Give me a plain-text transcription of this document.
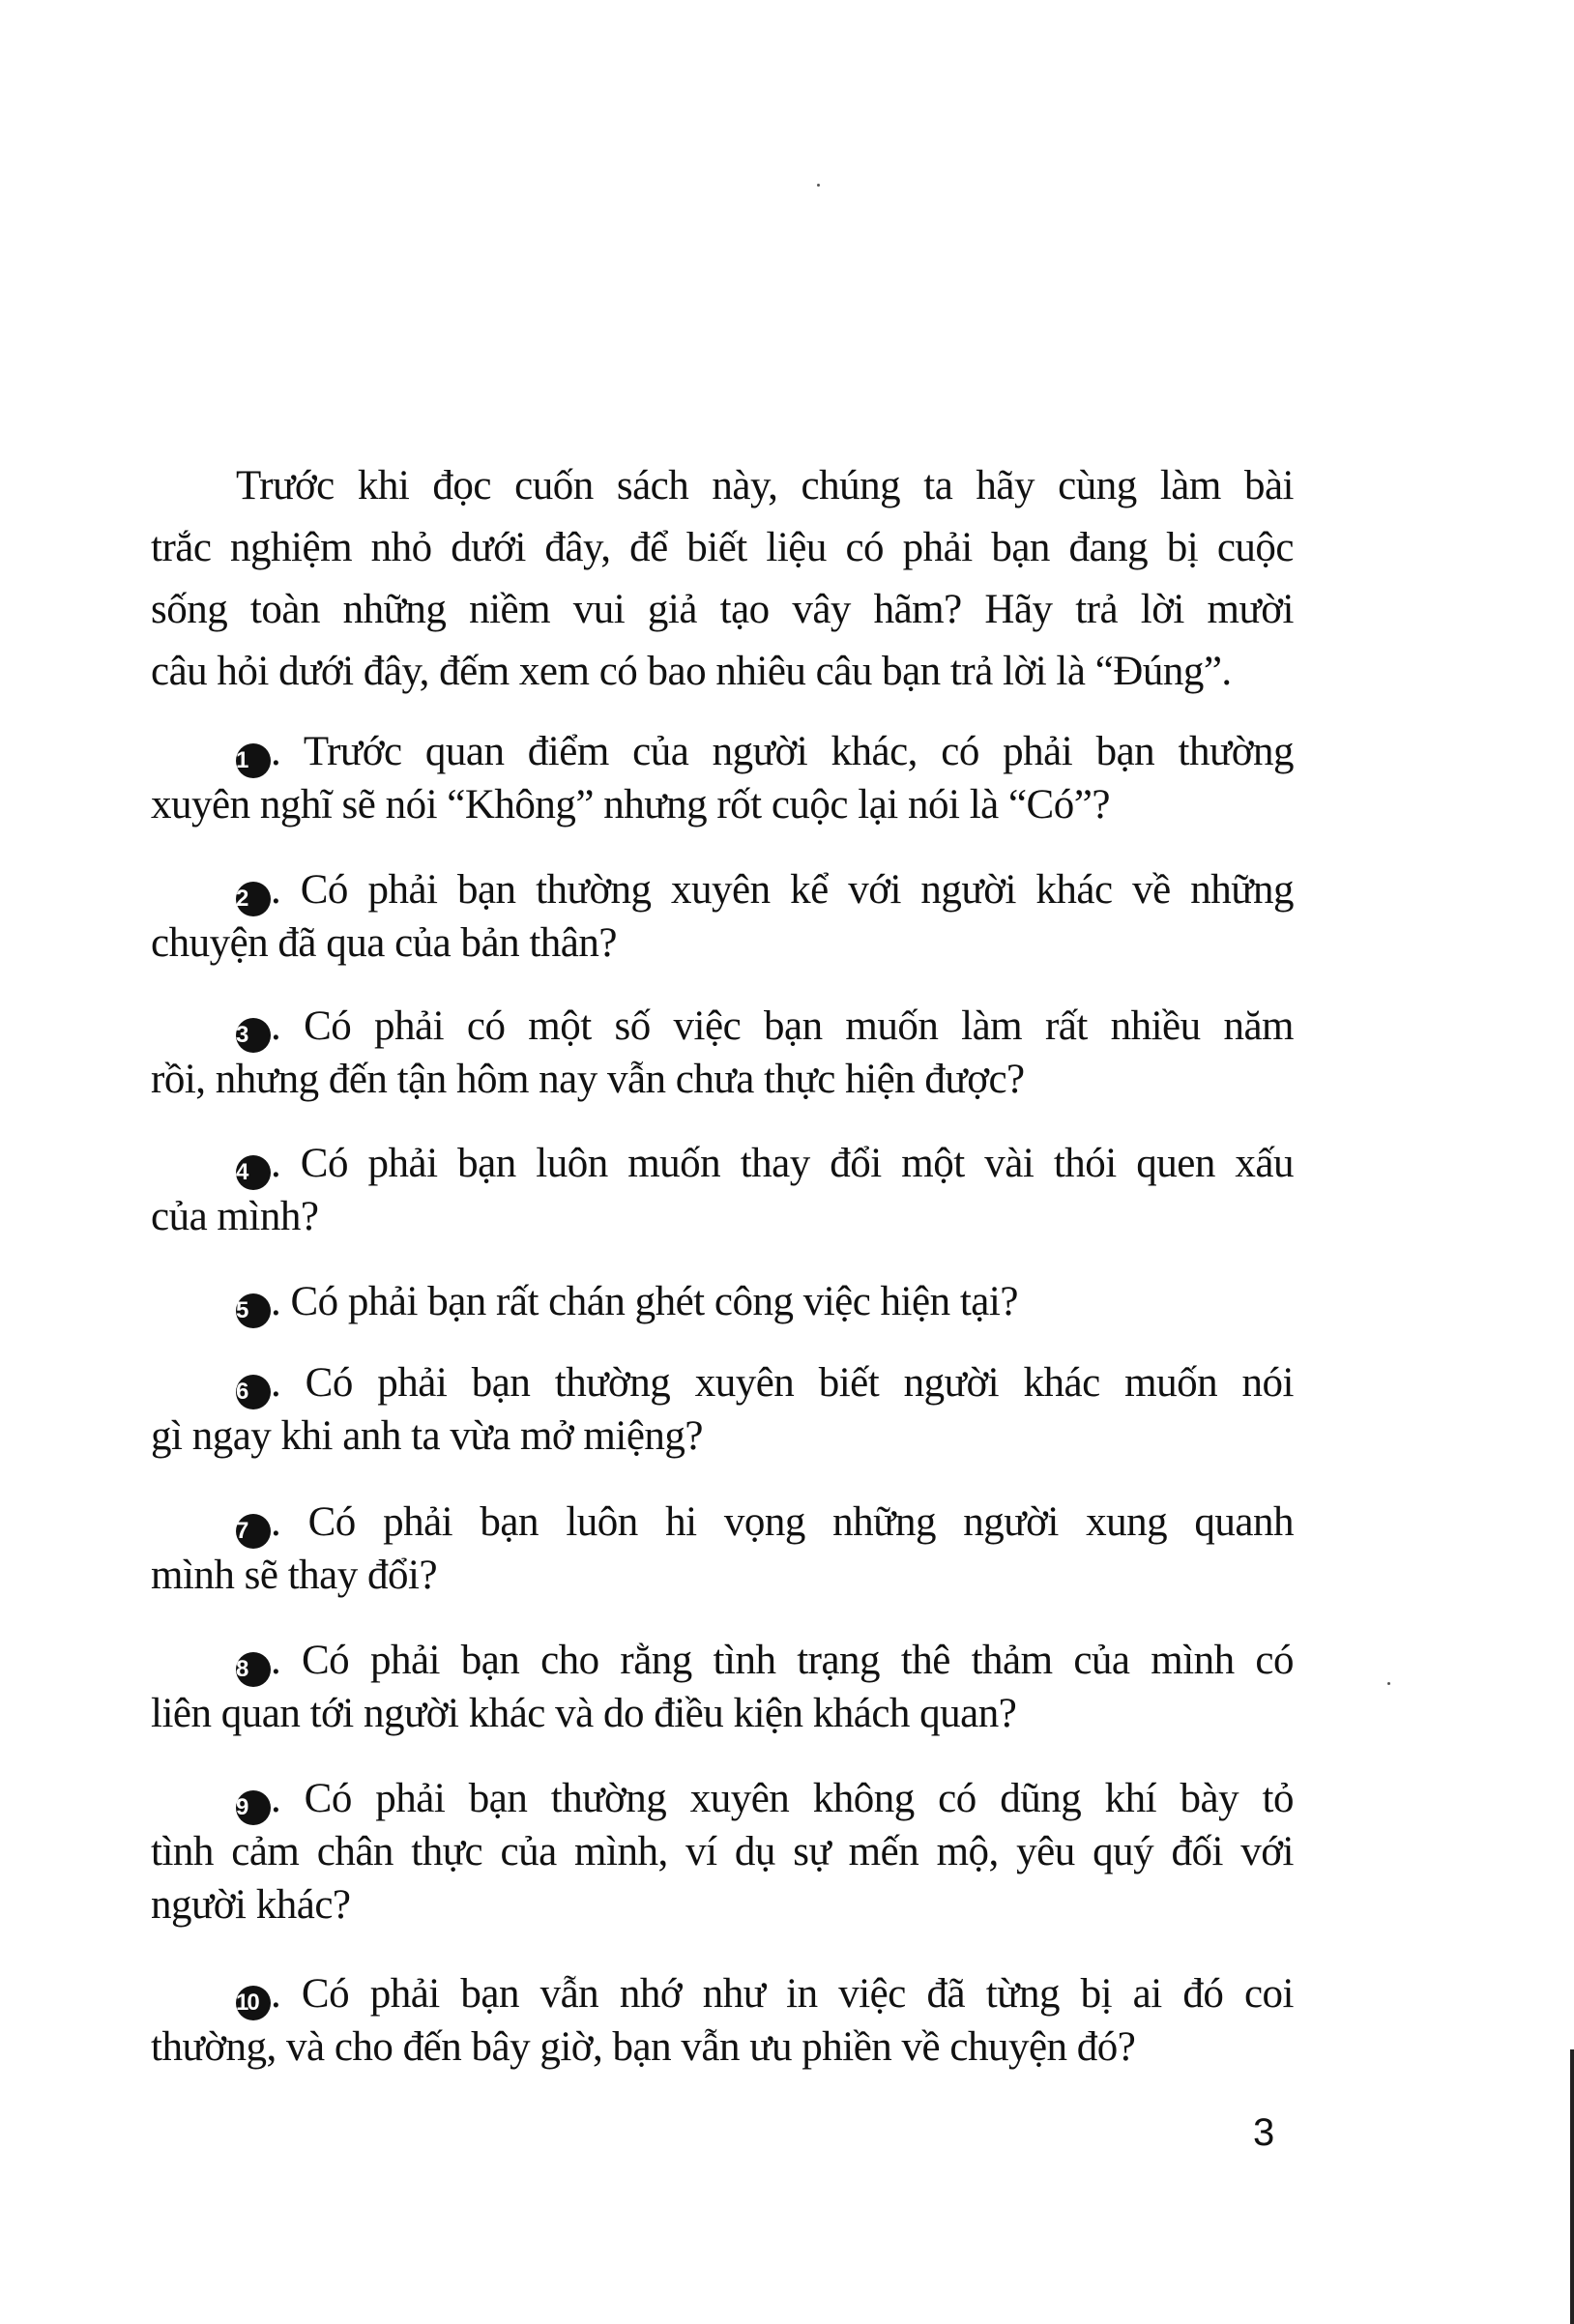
Trước khi đọc cuốn sách này, chúng ta hãy cùng làm bài
trắc nghiệm nhỏ dưới đây, để biết liệu có phải bạn đang bị cuộc
sống toàn những niềm vui giả tạo vây hãm? Hãy trả lời mười
câu hỏi dưới đây, đếm xem có bao nhiêu câu bạn trả lời là “Đúng”.
1 . Trước quan điểm của người khác, có phải bạn thường
xuyên nghĩ sẽ nói “Không” nhưng rốt cuộc lại nói là “Có”?
2 . Có phải bạn thường xuyên kể với người khác về những
chuyện đã qua của bản thân?
3 . Có phải có một số việc bạn muốn làm rất nhiều năm
rồi, nhưng đến tận hôm nay vẫn chưa thực hiện được?
4 . Có phải bạn luôn muốn thay đổi một vài thói quen xấu
của mình?
5 . Có phải bạn rất chán ghét công việc hiện tại?
6 . Có phải bạn thường xuyên biết người khác muốn nói
gì ngay khi anh ta vừa mở miệng?
7 . Có phải bạn luôn hi vọng những người xung quanh
mình sẽ thay đổi?
8 . Có phải bạn cho rằng tình trạng thê thảm của mình có
liên quan tới người khác và do điều kiện khách quan?
9 . Có phải bạn thường xuyên không có dũng khí bày tỏ
tình cảm chân thực của mình, ví dụ sự mến mộ, yêu quý đối với
người khác?
10 . Có phải bạn vẫn nhớ như in việc đã từng bị ai đó coi
thường, và cho đến bây giờ, bạn vẫn ưu phiền về chuyện đó?
3
